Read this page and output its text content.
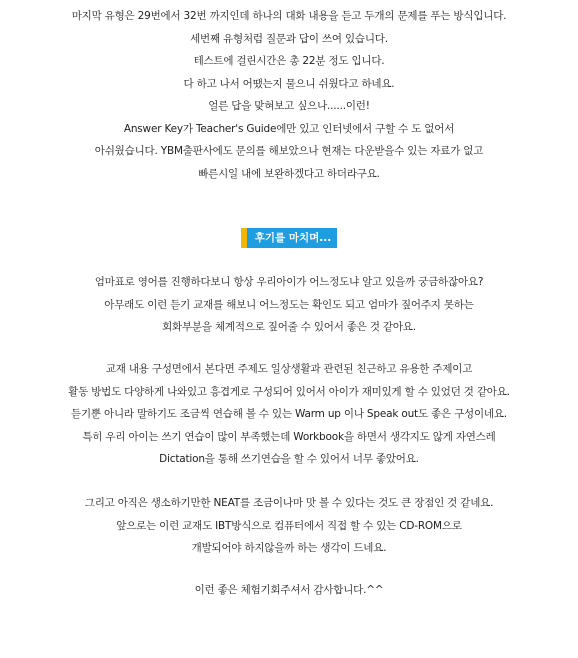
마지막 유형은 29번에서 32번 까지인데 하나의 대화 내용을 듣고 두개의 문제를 푸는 방식입니다.
세번째 유형처럼 질문과 답이 쓰여 있습니다.
테스트에 걸린시간은 총 22분 정도 입니다.
다 하고 나서 어땠는지 물으니 쉬웠다고 하네요.
얼른 답을 맞혀보고 싶으나......이런!
Answer Key가 Teacher's Guide에만 있고 인터넷에서 구할 수 도 없어서
아쉬웠습니다. YBM출판사에도 문의를 해보았으나 현재는 다운받을수 있는 자료가 없고
빠른시일 내에 보완하겠다고 하더라구요.
후기를 마치며...
엄마표로 영어를 진행하다보니 항상 우리아이가 어느정도냐 알고 있을까 궁금하잖아요?
아무래도 이런 듣기 교재를 해보니 어느정도는 확인도 되고 엄마가 짚어주지 못하는
회화부분을 체계적으로 짚어줄 수 있어서 좋은 것 같아요.
교재 내용 구성면에서 본다면 주제도 일상생활과 관련된 친근하고 유용한 주제이고
활동 방법도 다양하게 나와있고 흥겹게로 구성되어 있어서 아이가 재미있게 할 수 있었던 것 같아요.
듣기뿐 아니라 말하기도 조금씩 연습해 볼 수 있는 Warm up 이나 Speak out도 좋은 구성이네요.
특히 우리 아이는 쓰기 연습이 많이 부족했는데 Workbook을 하면서 생각지도 않게 자연스레
Dictation을 통해 쓰기연습을 할 수 있어서 너무 좋았어요.
그리고 아직은 생소하기만한 NEAT를 조금이나마 맛 볼 수 있다는 것도 큰 장점인 것 같네요.
앞으로는 이런 교재도 IBT방식으로 컴퓨터에서 직접 할 수 있는 CD-ROM으로
개발되어야 하지않을까 하는 생각이 드네요.
이런 좋은 체험기회주셔서 감사합니다.^^
